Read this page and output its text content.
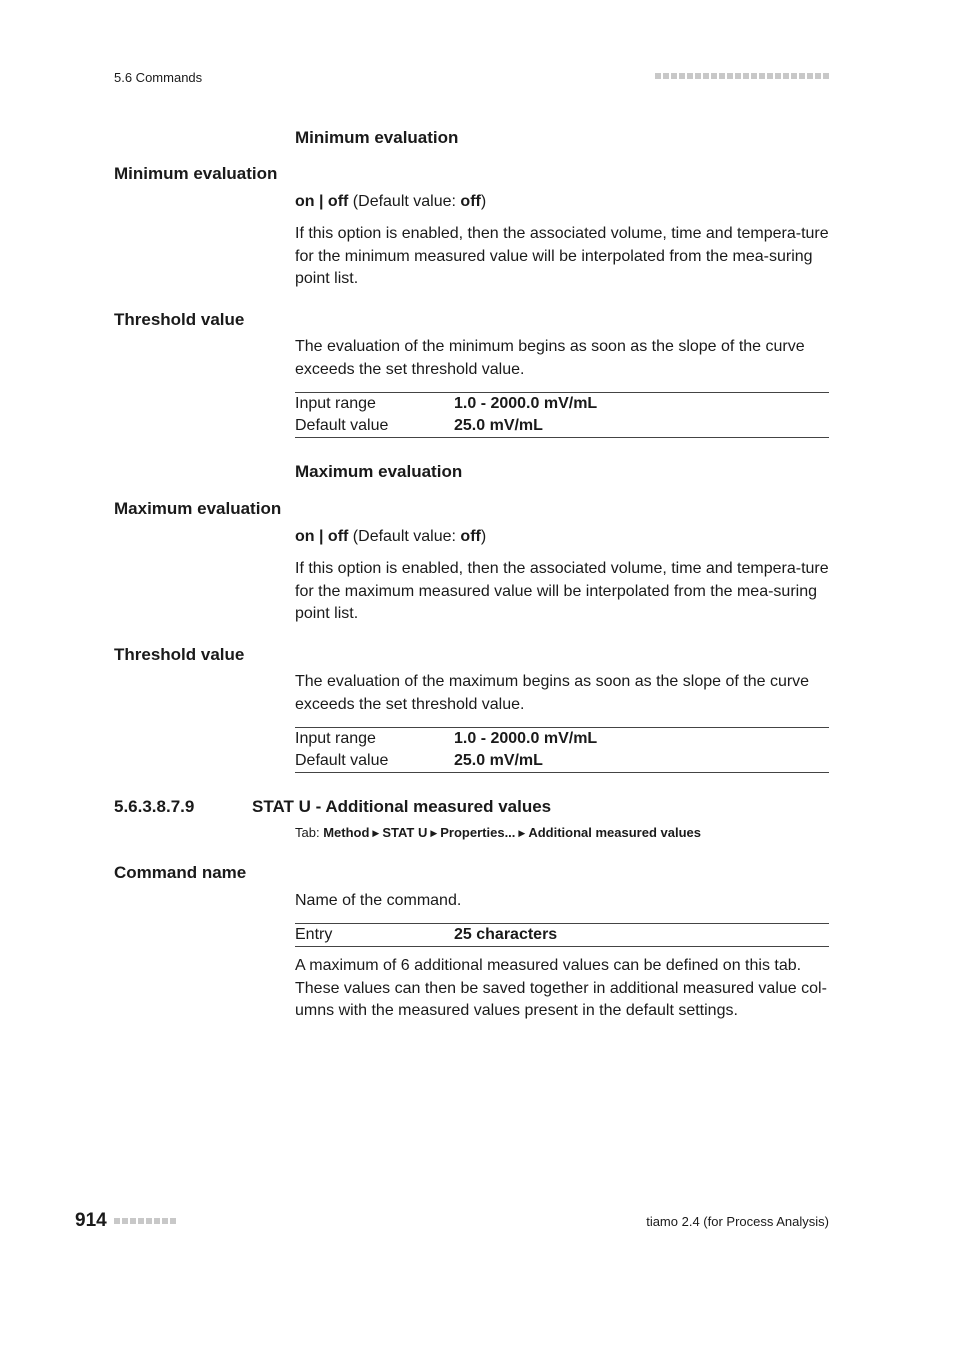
5.6 Commands
Minimum evaluation
Minimum evaluation
on | off (Default value: off)
If this option is enabled, then the associated volume, time and tempera-ture for the minimum measured value will be interpolated from the mea-suring point list.
Threshold value
The evaluation of the minimum begins as soon as the slope of the curve exceeds the set threshold value.
Input range	1.0 - 2000.0 mV/mL
Default value	25.0 mV/mL
Maximum evaluation
Maximum evaluation
on | off (Default value: off)
If this option is enabled, then the associated volume, time and tempera-ture for the maximum measured value will be interpolated from the mea-suring point list.
Threshold value
The evaluation of the maximum begins as soon as the slope of the curve exceeds the set threshold value.
Input range	1.0 - 2000.0 mV/mL
Default value	25.0 mV/mL
5.6.3.8.7.9	STAT U - Additional measured values
Tab: Method ▶ STAT U ▶ Properties... ▶ Additional measured values
Command name
Name of the command.
Entry	25 characters
A maximum of 6 additional measured values can be defined on this tab. These values can then be saved together in additional measured value col-umns with the measured values present in the default settings.
914	tiamo 2.4 (for Process Analysis)
